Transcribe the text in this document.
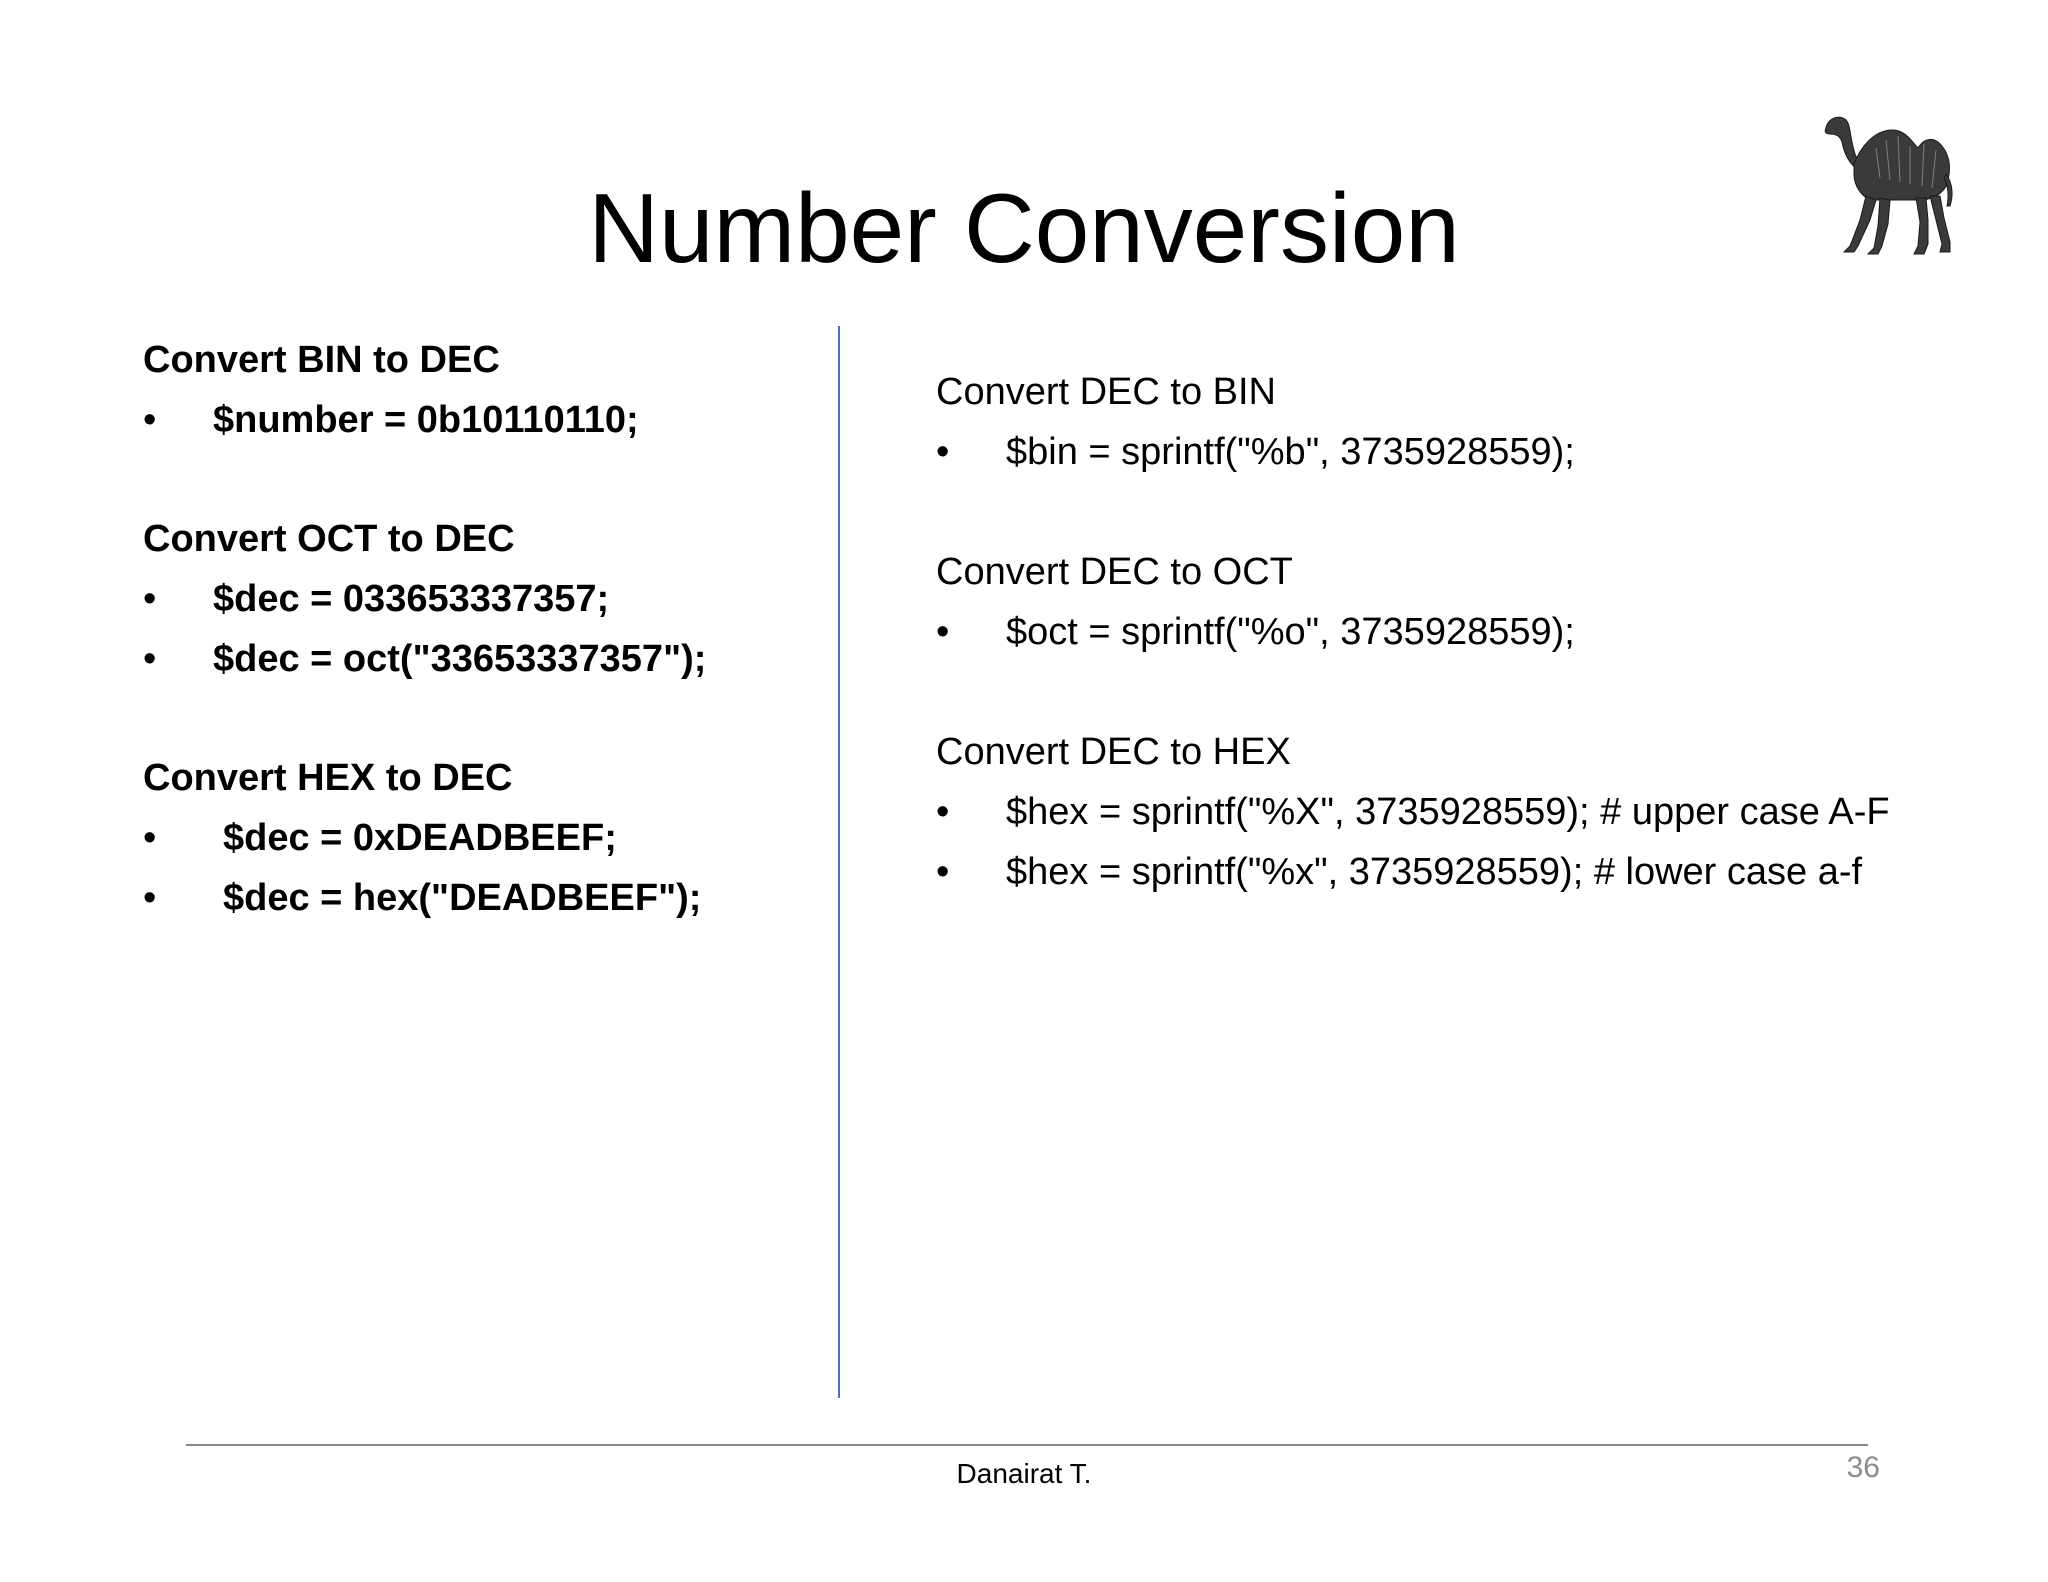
Number Conversion
Convert BIN to DEC
•	$number = 0b10110110;
Convert OCT to DEC
•	$dec = 033653337357;
•	$dec = oct("33653337357");
Convert HEX to DEC
•	$dec = 0xDEADBEEF;
•	$dec = hex("DEADBEEF");
Convert DEC to BIN
•	$bin = sprintf("%b", 3735928559);
Convert DEC to OCT
•	$oct = sprintf("%o", 3735928559);
Convert DEC to HEX
•	$hex = sprintf("%X", 3735928559); # upper case A-F
•	$hex = sprintf("%x", 3735928559); # lower case a-f
Danairat T.	36
